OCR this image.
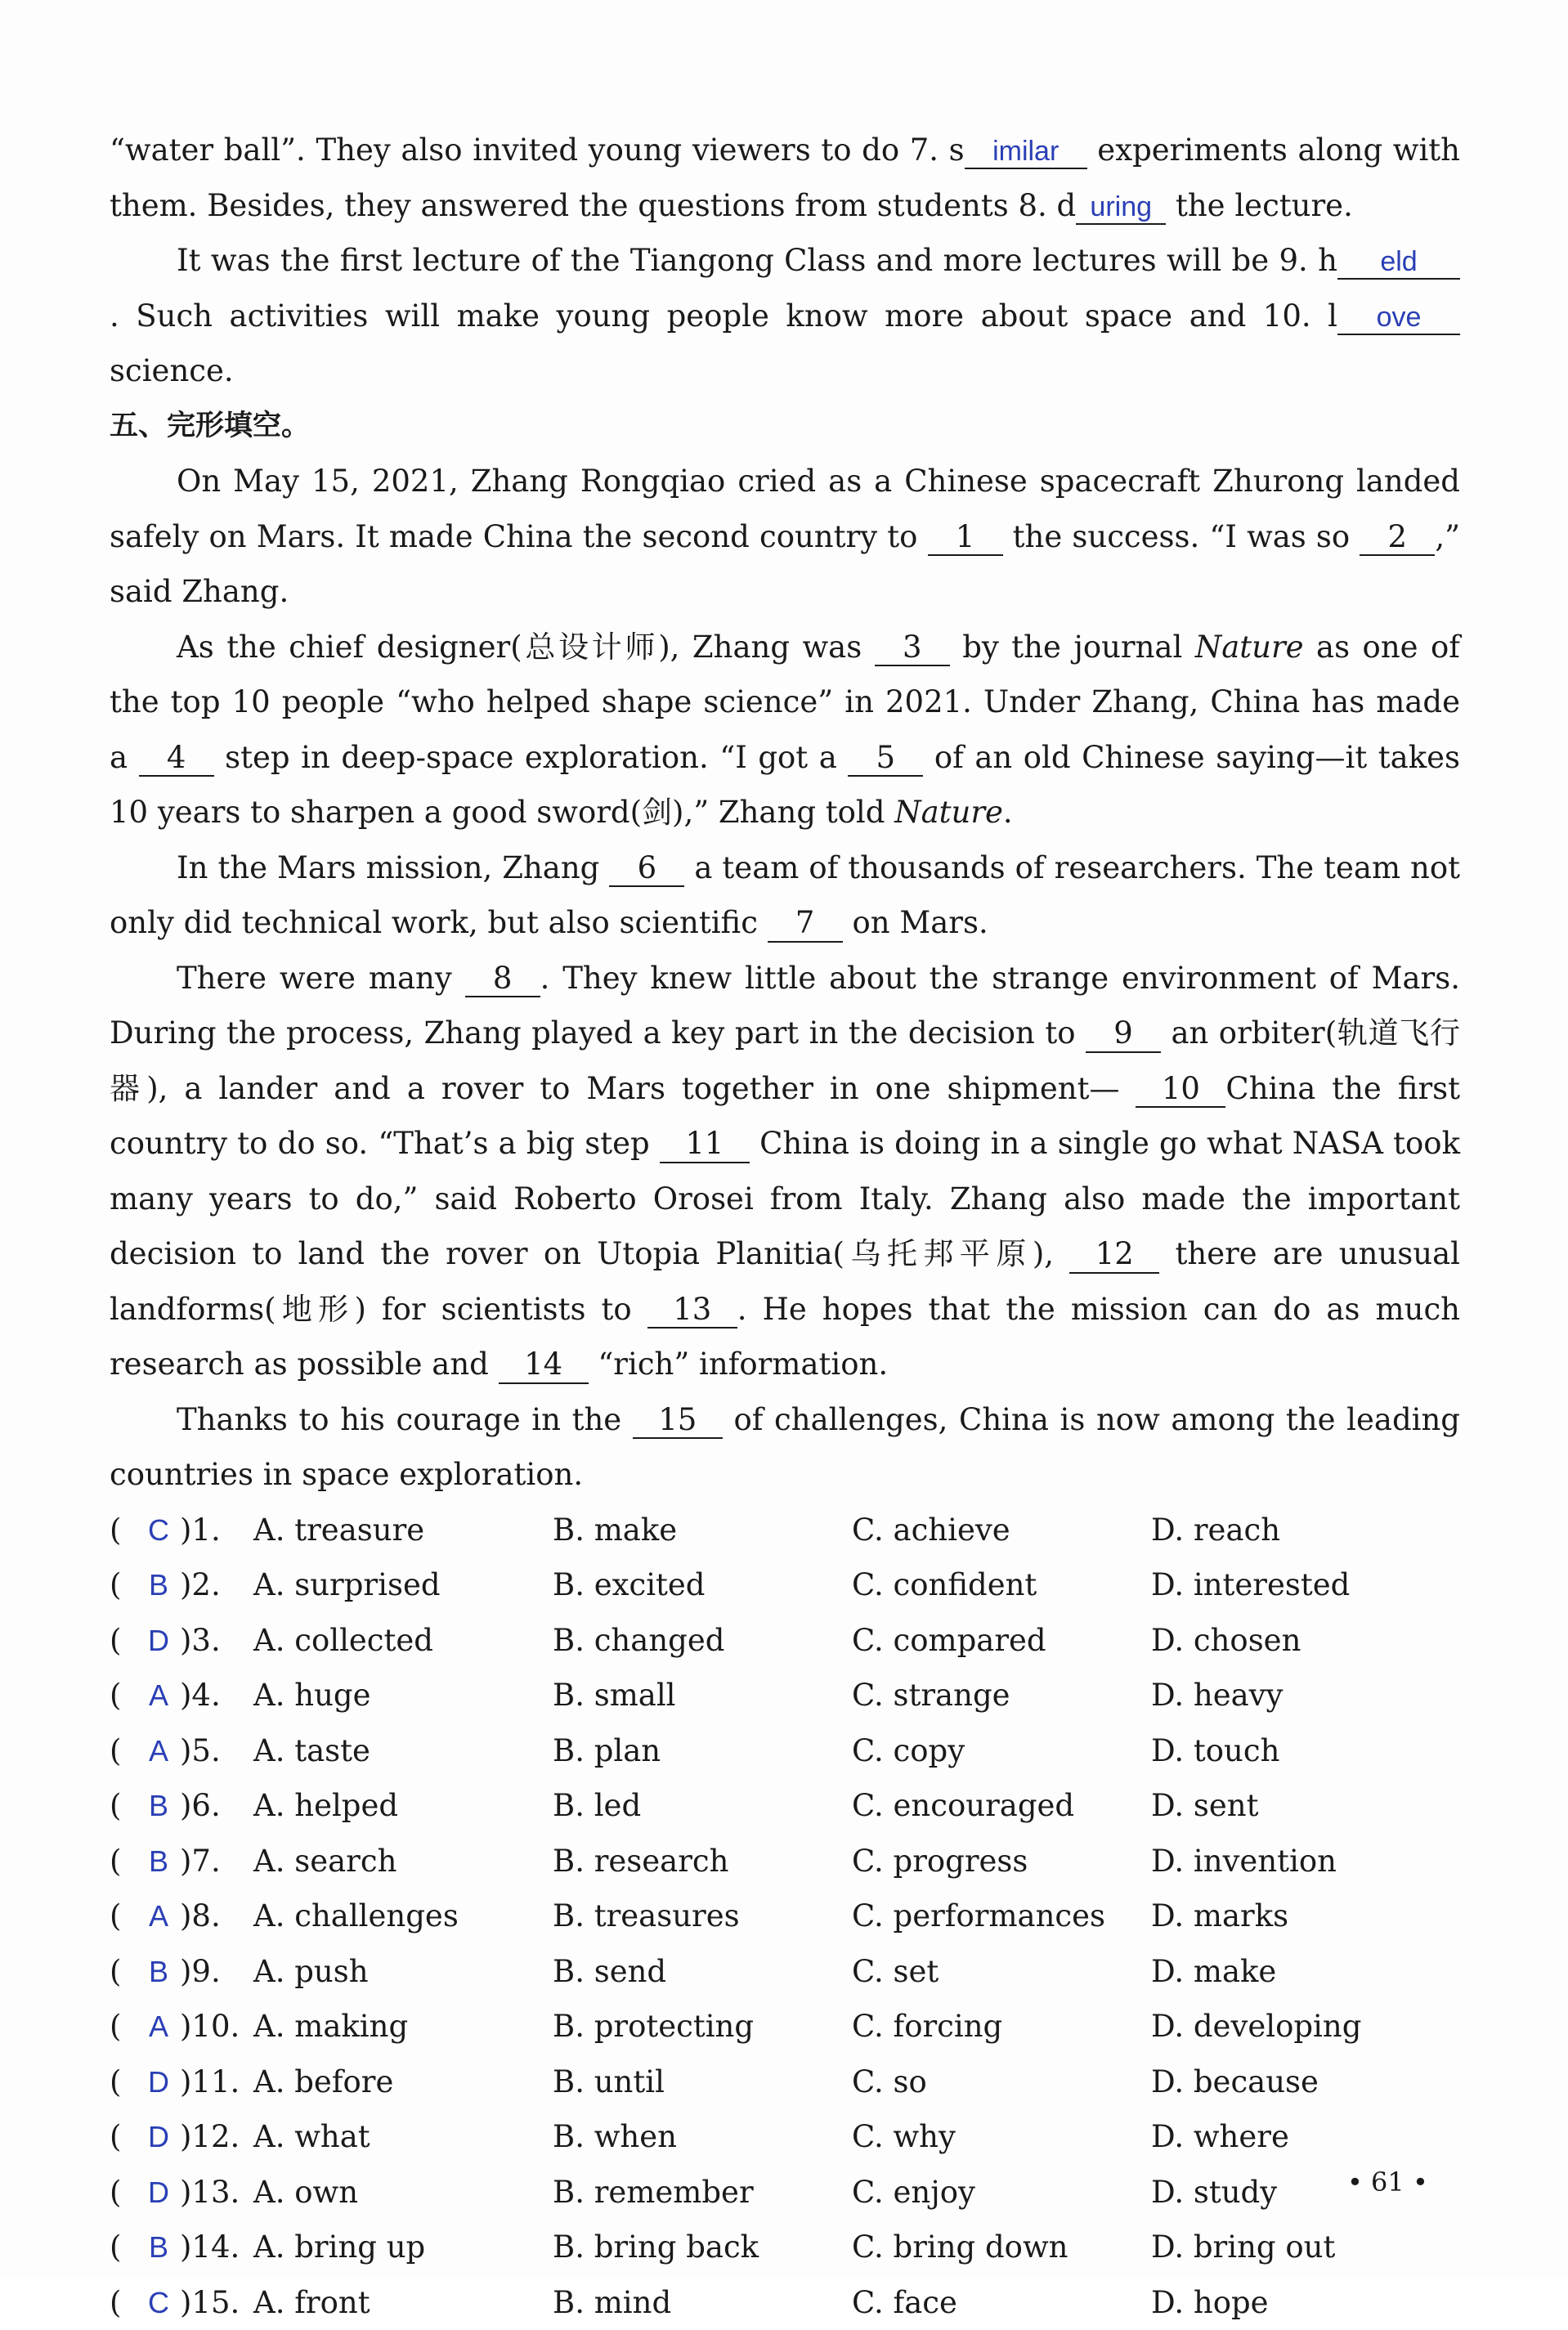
“water ball”. They also invited young viewers to do 7. s imilar experiments along with them. Besides, they answered the questions from students 8. d uring the lecture.

It was the first lecture of the Tiangong Class and more lectures will be 9. h eld. Such activities will make young people know more about space and 10. l ove science.

五、完形填空。

On May 15, 2021, Zhang Rongqiao cried as a Chinese spacecraft Zhurong landed safely on Mars. It made China the second country to 1 the success. “I was so 2 ,” said Zhang.

As the chief designer(总设计师), Zhang was 3 by the journal Nature as one of the top 10 people “who helped shape science” in 2021. Under Zhang, China has made a 4 step in deep-space exploration. “I got a 5 of an old Chinese saying—it takes 10 years to sharpen a good sword(剑),” Zhang told Nature.

In the Mars mission, Zhang 6 a team of thousands of researchers. The team not only did technical work, but also scientific 7 on Mars.

There were many 8 . They knew little about the strange environment of Mars. During the process, Zhang played a key part in the decision to 9 an orbiter(轨道飞行器), a lander and a rover to Mars together in one shipment— 10 China the first country to do so. “That’s a big step 11 China is doing in a single go what NASA took many years to do,” said Roberto Orosei from Italy. Zhang also made the important decision to land the rover on Utopia Planitia(乌托邦平原), 12 there are unusual landforms(地形) for scientists to 13 . He hopes that the mission can do as much research as possible and 14 “rich” information.

Thanks to his courage in the 15 of challenges, China is now among the leading countries in space exploration.

( C )1. A. treasure	B. make	C. achieve	D. reach
( B )2. A. surprised	B. excited	C. confident	D. interested
( D )3. A. collected	B. changed	C. compared	D. chosen
( A )4. A. huge	B. small	C. strange	D. heavy
( A )5. A. taste	B. plan	C. copy	D. touch
( B )6. A. helped	B. led	C. encouraged	D. sent
( B )7. A. search	B. research	C. progress	D. invention
( A )8. A. challenges	B. treasures	C. performances D. marks
( B )9. A. push	B. send	C. set	D. make
( A )10. A. making	B. protecting	C. forcing	D. developing
( D )11. A. before	B. until	C. so	D. because
( D )12. A. what	B. when	C. why	D. where
( D )13. A. own	B. remember	C. enjoy	D. study
( B )14. A. bring up	B. bring back	C. bring down	D. bring out
( C )15. A. front	B. mind	C. face	D. hope
• 61 •
